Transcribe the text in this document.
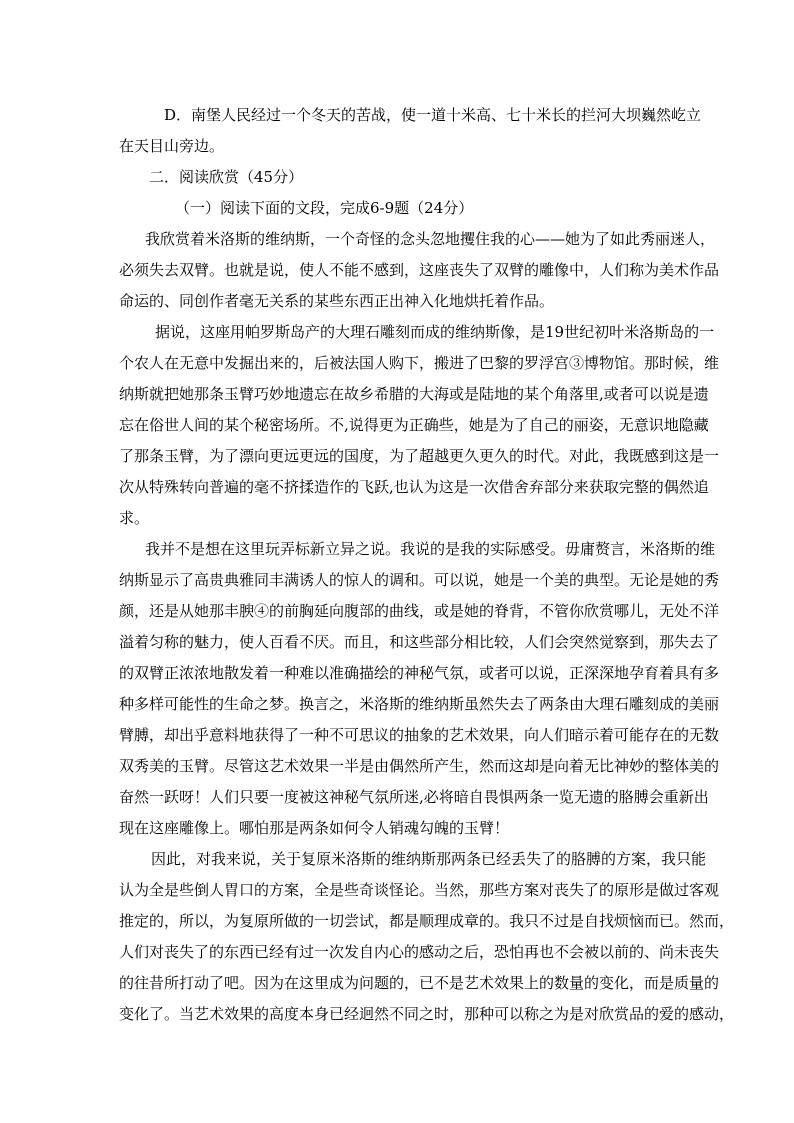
D．南堡人民经过一个冬天的苦战，使一道十米高、七十米长的拦河大坝巍然屹立
在天目山旁边。
二．阅读欣赏（45分）
（一）阅读下面的文段，完成6-9题（24分）
我欣赏着米洛斯的维纳斯，一个奇怪的念头忽地攫住我的心——她为了如此秀丽迷人，
必须失去双臂。也就是说，使人不能不感到，这座丧失了双臂的雕像中，人们称为美术作品
命运的、同创作者毫无关系的某些东西正出神入化地烘托着作品。
据说，这座用帕罗斯岛产的大理石雕刻而成的维纳斯像，是19世纪初叶米洛斯岛的一
个农人在无意中发掘出来的，后被法国人购下，搬进了巴黎的罗浮宫③博物馆。那时候，维
纳斯就把她那条玉臂巧妙地遗忘在故乡希腊的大海或是陆地的某个角落里,或者可以说是遗
忘在俗世人间的某个秘密场所。不,说得更为正确些，她是为了自己的丽姿，无意识地隐藏
了那条玉臂，为了漂向更远更远的国度，为了超越更久更久的时代。对此，我既感到这是一
次从特殊转向普遍的毫不挤揉造作的飞跃,也认为这是一次借舍弃部分来获取完整的偶然追
求。
我并不是想在这里玩弄标新立异之说。我说的是我的实际感受。毋庸赘言，米洛斯的维
纳斯显示了高贵典雅同丰满诱人的惊人的调和。可以说，她是一个美的典型。无论是她的秀
颜，还是从她那丰腴④的前胸延向腹部的曲线，或是她的脊背，不管你欣赏哪儿，无处不洋
溢着匀称的魅力，使人百看不厌。而且，和这些部分相比较，人们会突然觉察到，那失去了
的双臂正浓浓地散发着一种难以准确描绘的神秘气氛，或者可以说，正深深地孕育着具有多
种多样可能性的生命之梦。换言之，米洛斯的维纳斯虽然失去了两条由大理石雕刻成的美丽
臂膊，却出乎意料地获得了一种不可思议的抽象的艺术效果，向人们暗示着可能存在的无数
双秀美的玉臂。尽管这艺术效果一半是由偶然所产生，然而这却是向着无比神妙的整体美的
奋然一跃呀！人们只要一度被这神秘气氛所迷,必将暗自畏惧两条一览无遗的胳膊会重新出
现在这座雕像上。哪怕那是两条如何令人销魂勾魄的玉臂！
因此，对我来说，关于复原米洛斯的维纳斯那两条已经丢失了的胳膊的方案，我只能
认为全是些倒人胃口的方案，全是些奇谈怪论。当然，那些方案对丧失了的原形是做过客观
推定的，所以，为复原所做的一切尝试，都是顺理成章的。我只不过是自找烦恼而已。然而，
人们对丧失了的东西已经有过一次发自内心的感动之后，恐怕再也不会被以前的、尚未丧失
的往昔所打动了吧。因为在这里成为问题的，已不是艺术效果上的数量的变化，而是质量的
变化了。当艺术效果的高度本身已经迥然不同之时，那种可以称之为是对欣赏品的爱的感动，
